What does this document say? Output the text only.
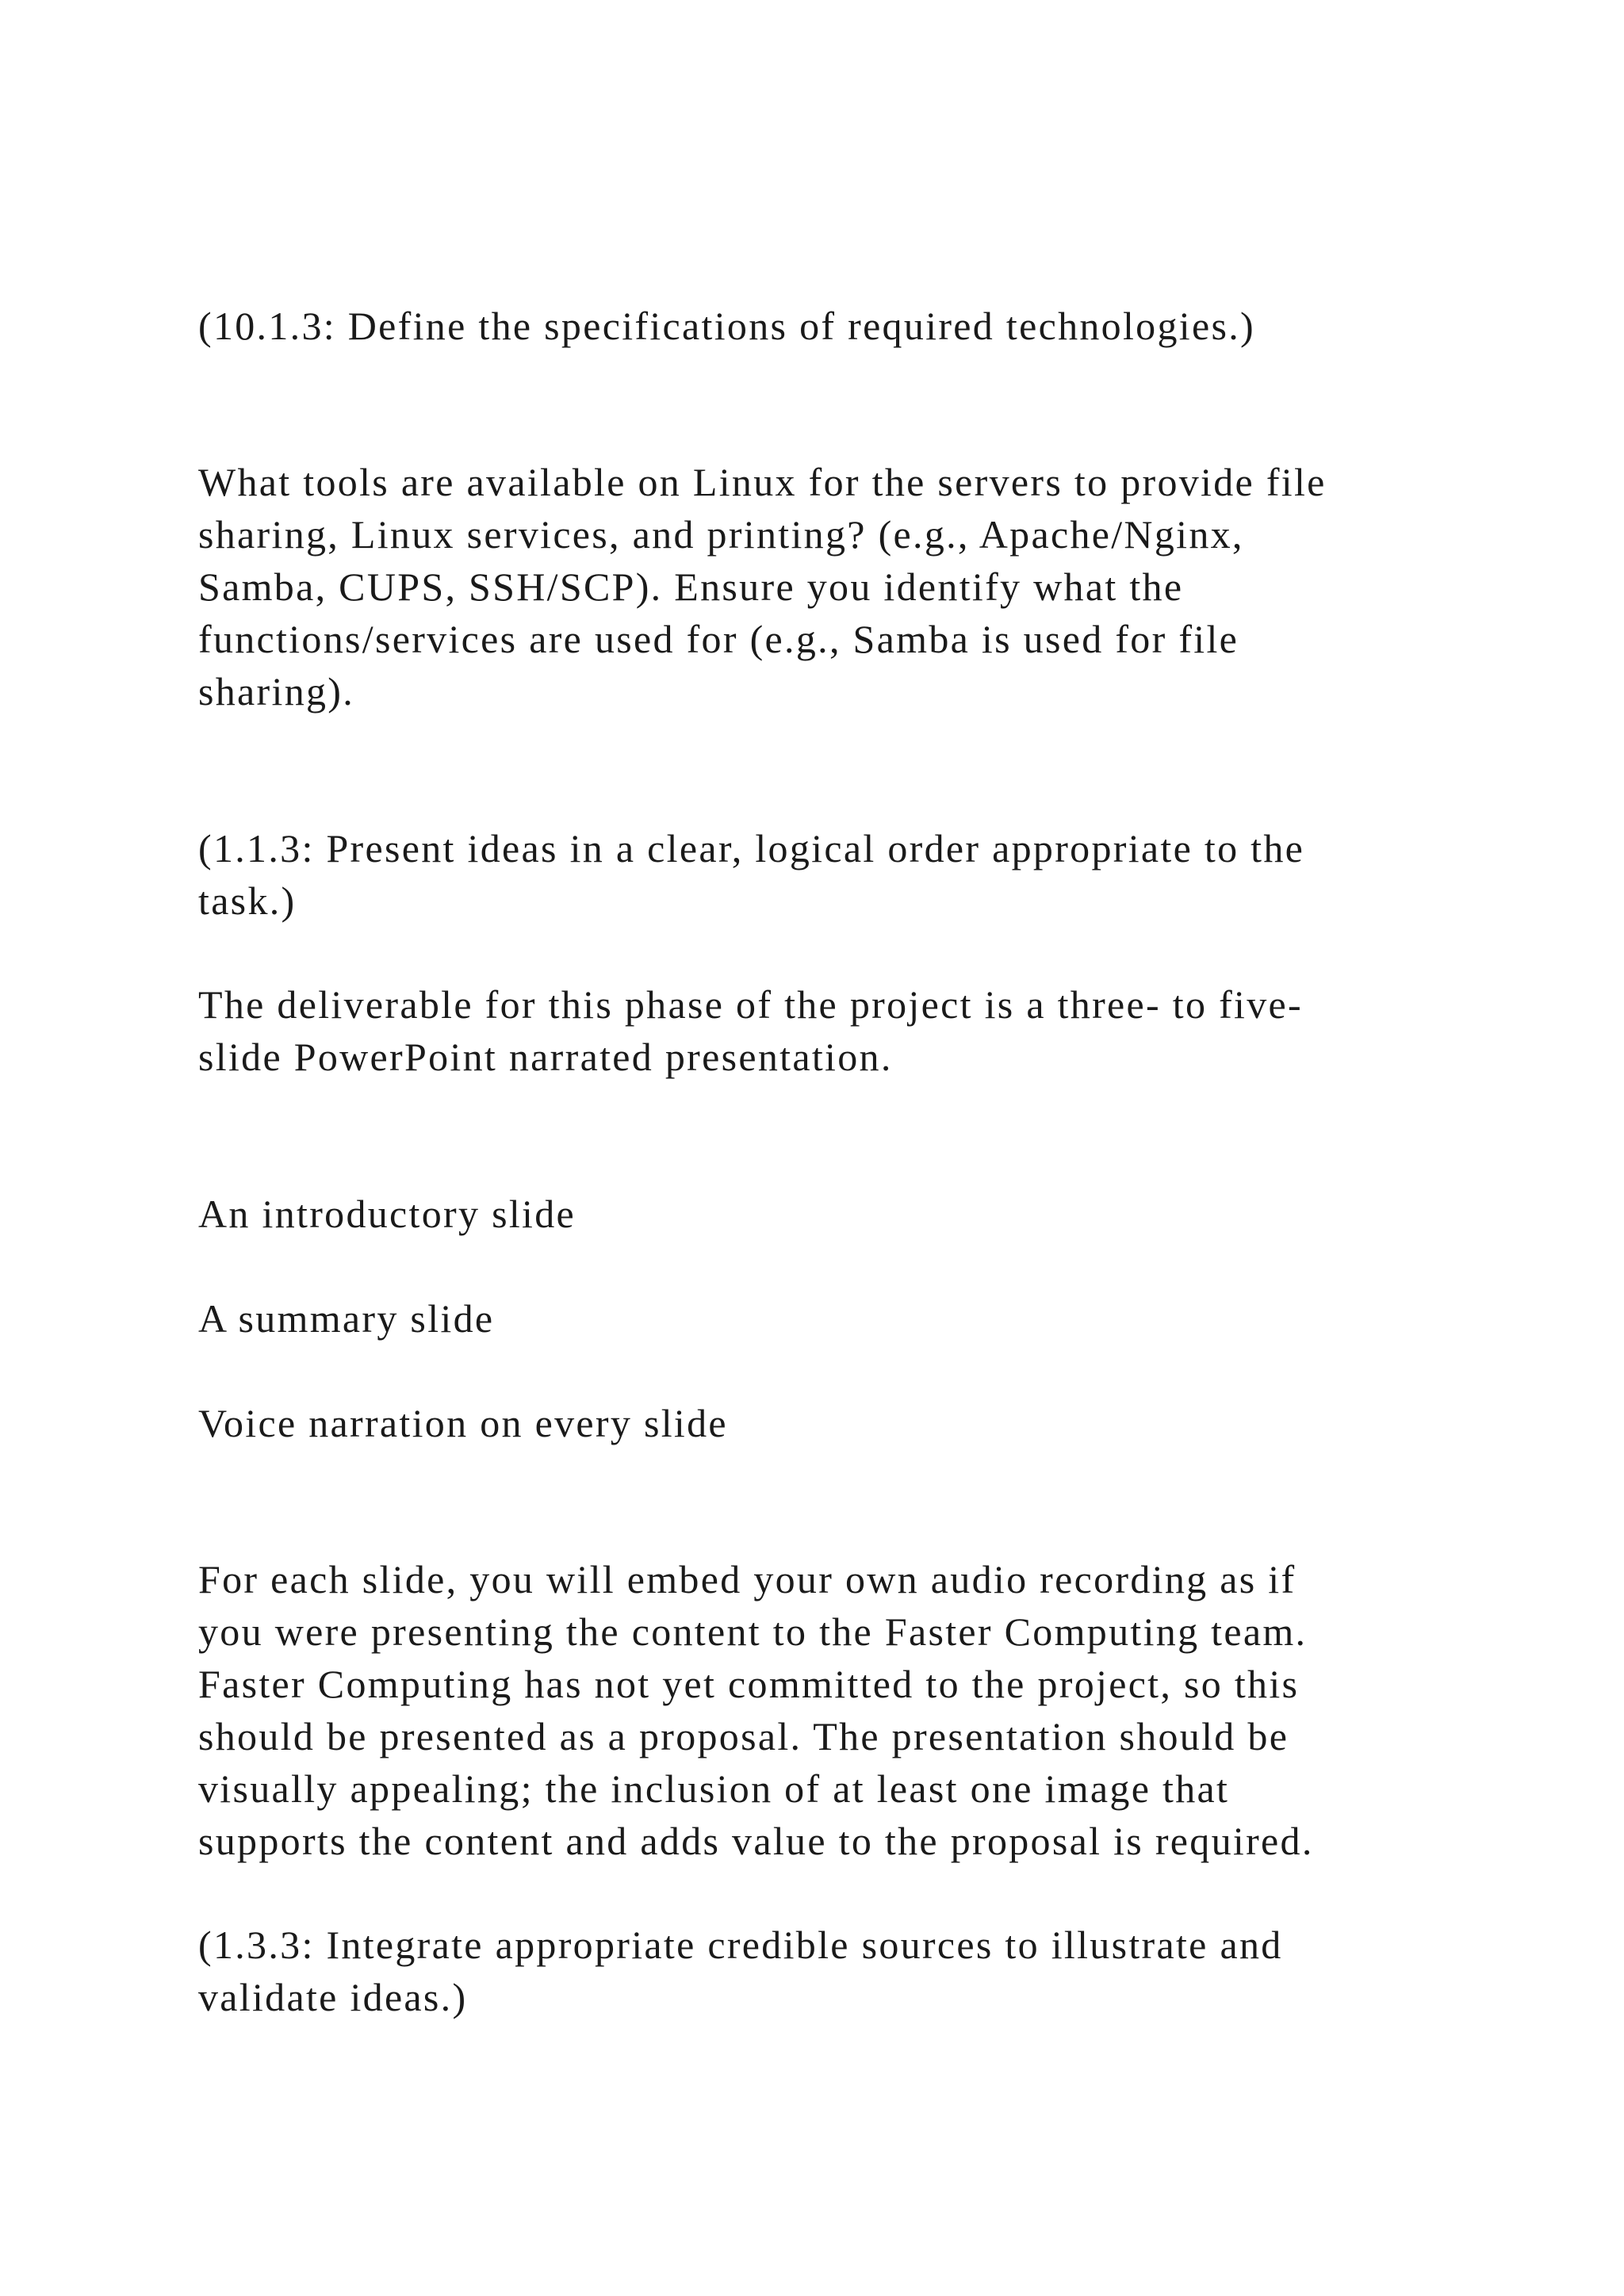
(10.1.3: Define the specifications of required technologies.)

What tools are available on Linux for the servers to provide file
sharing, Linux services, and printing? (e.g., Apache/Nginx,
Samba, CUPS, SSH/SCP). Ensure you identify what the
functions/services are used for (e.g., Samba is used for file
sharing).

(1.1.3: Present ideas in a clear, logical order appropriate to the
task.)

The deliverable for this phase of the project is a three- to five-
slide PowerPoint narrated presentation.

An introductory slide

A summary slide

Voice narration on every slide

For each slide, you will embed your own audio recording as if
you were presenting the content to the Faster Computing team.
Faster Computing has not yet committed to the project, so this
should be presented as a proposal. The presentation should be
visually appealing; the inclusion of at least one image that
supports the content and adds value to the proposal is required.

(1.3.3: Integrate appropriate credible sources to illustrate and
validate ideas.)
